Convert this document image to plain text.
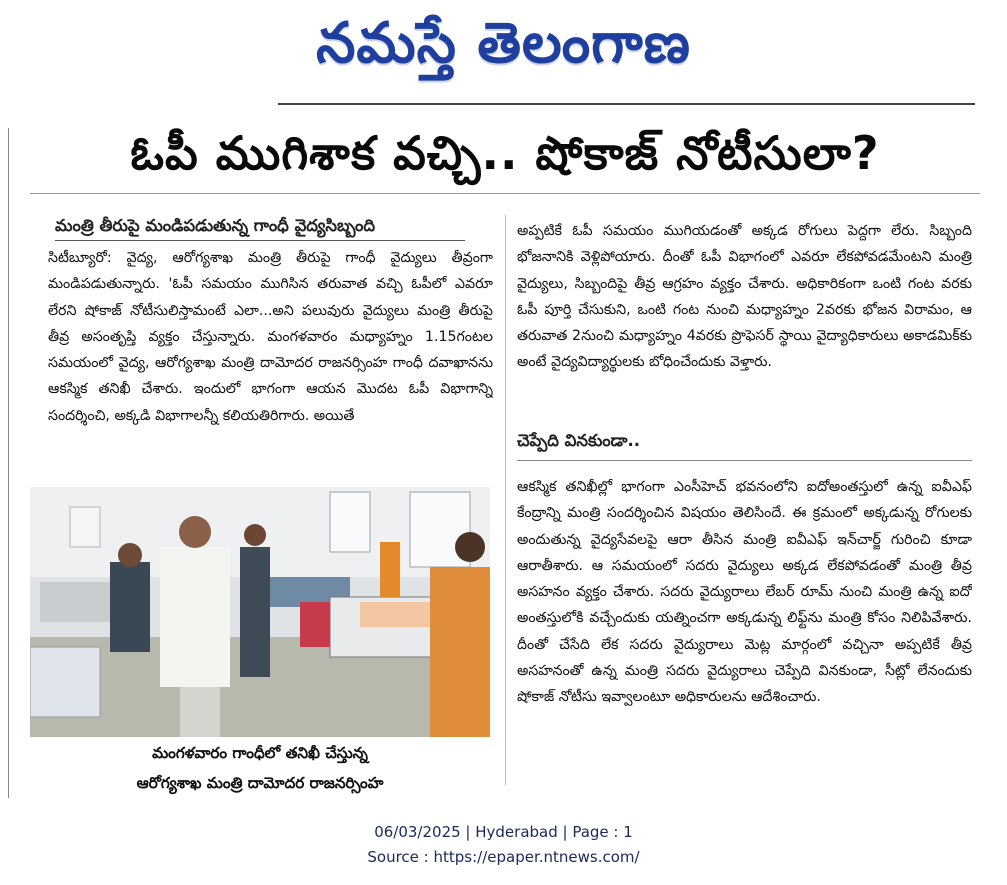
నమస్తే తెలంగాణ
ఓపీ ముగిశాక వచ్చి.. షోకాజ్ నోటీసులా?
మంత్రి తీరుపై మండిపడుతున్న గాంధీ వైద్యసిబ్బంది

సిటీబ్యూరో: వైద్య, ఆరోగ్యశాఖ మంత్రి తీరుపై గాంధీ వైద్యులు తీవ్రంగా మండిపడుతున్నారు. 'ఓపీ సమయం ముగిసిన తరువాత వచ్చి ఓపీలో ఎవరూ లేరని షోకాజ్ నోటీసులిస్తామంటే ఎలా...అని పలువురు వైద్యులు మంత్రి తీరుపై తీవ్ర అసంతృప్తి వ్యక్తం చేస్తున్నారు. మంగళవారం మధ్యాహ్నం 1.15గంటల సమయంలో వైద్య, ఆరోగ్యశాఖ మంత్రి దామోదర రాజనర్సింహ గాంధీ దవాఖానను ఆకస్మిక తనిఖీ చేశారు. ఇందులో భాగంగా ఆయన మొదట ఓపీ విభాగాన్ని సందర్శించి, అక్కడి విభాగాలన్నీ కలియతిరిగారు. అయితే

మంగళవారం గాంధీలో తనిఖీ చేస్తున్న
ఆరోగ్యశాఖ మంత్రి దామోదర రాజనర్సింహ

అప్పటికే ఓపీ సమయం ముగియడంతో అక్కడ రోగులు పెద్దగా లేరు. సిబ్బంది భోజనానికి వెళ్లిపోయారు. దీంతో ఓపీ విభాగంలో ఎవరూ లేకపోవడమేంటని మంత్రి వైద్యులు, సిబ్బందిపై తీవ్ర ఆగ్రహం వ్యక్తం చేశారు. అధికారికంగా ఒంటి గంట వరకు ఓపీ పూర్తి చేసుకుని, ఒంటి గంట నుంచి మధ్యాహ్నం 2వరకు భోజన విరామం, ఆ తరువాత 2నుంచి మధ్యాహ్నం 4వరకు ప్రొఫెసర్ స్థాయి వైద్యాధికారులు అకాడమిక్‌కు అంటే వైద్యవిద్యార్థులకు బోధించేందుకు వెళ్తారు.

చెప్పేది వినకుండా..

ఆకస్మిక తనిఖీల్లో భాగంగా ఎంసీహెచ్ భవనంలోని ఐదోఅంతస్తులో ఉన్న ఐవీఎఫ్ కేంద్రాన్ని మంత్రి సందర్శించిన విషయం తెలిసిందే. ఈ క్రమంలో అక్కడున్న రోగులకు అందుతున్న వైద్యసేవలపై ఆరా తీసిన మంత్రి ఐవీఎఫ్ ఇన్‌చార్జ్ గురించి కూడా ఆరాతీశారు. ఆ సమయంలో సదరు వైద్యులు అక్కడ లేకపోవడంతో మంత్రి తీవ్ర అసహనం వ్యక్తం చేశారు. సదరు వైద్యురాలు లేబర్ రూమ్ నుంచి మంత్రి ఉన్న ఐదో అంతస్తులోకి వచ్చేందుకు యత్నించగా అక్కడున్న లిఫ్ట్‌ను మంత్రి కోసం నిలిపివేశారు. దీంతో చేసేది లేక సదరు వైద్యురాలు మెట్ల మార్గంలో వచ్చినా అప్పటికే తీవ్ర అసహనంతో ఉన్న మంత్రి సదరు వైద్యురాలు చెప్పేది వినకుండా, సీట్లో లేనందుకు షోకాజ్ నోటీసు ఇవ్వాలంటూ అధికారులను ఆదేశించారు.

06/03/2025 | Hyderabad | Page : 1
Source : https://epaper.ntnews.com/
